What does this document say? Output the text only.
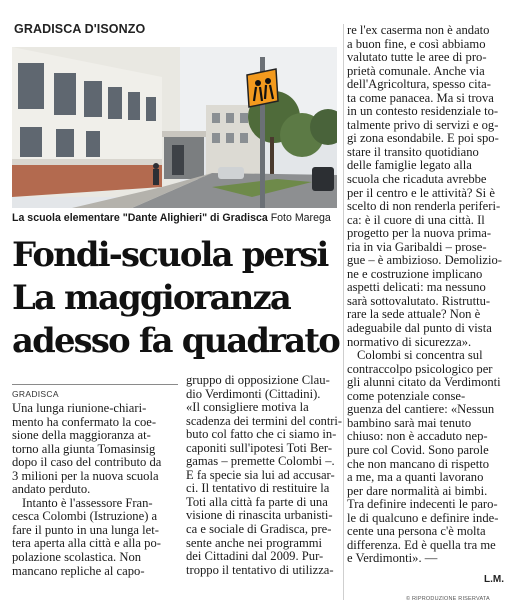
GRADISCA D'ISONZO
La scuola elementare "Dante Alighieri" di Gradisca Foto Marega
Fondi-scuola persi
La maggioranza
adesso fa quadrato
GRADISCA
Una lunga riunione-chiari-
mento ha confermato la coe-
sione della maggioranza at-
torno alla giunta Tomasinsig
dopo il caso del contributo da
3 milioni per la nuova scuola
andato perduto.
Intanto è l'assessore Fran-
cesca Colombi (Istruzione) a
fare il punto in una lunga let-
tera aperta alla città e alla po-
polazione scolastica. Non
mancano repliche al capo-
gruppo di opposizione Clau-
dio Verdimonti (Cittadini).
«Il consigliere motiva la
scadenza dei termini del contri-
buto col fatto che ci siamo in-
caponiti sull'ipotesi Toti Ber-
gamas – premette Colombi –.
E fa specie sia lui ad accusar-
ci. Il tentativo di restituire la
Toti alla città fa parte di una
visione di rinascita urbanisti-
ca e sociale di Gradisca, pre-
sente anche nei programmi
dei Cittadini dal 2009. Pur-
troppo il tentativo di utilizza-
re l'ex caserma non è andato
a buon fine, e così abbiamo
valutato tutte le aree di pro-
prietà comunale. Anche via
dell'Agricoltura, spesso cita-
ta come panacea. Ma si trova
in un contesto residenziale to-
talmente privo di servizi e og-
gi zona esondabile. E poi spo-
stare il transito quotidiano
delle famiglie legato alla
scuola che ricaduta avrebbe
per il centro e le attività? Si è
scelto di non renderla periferi-
ca: è il cuore di una città. Il
progetto per la nuova prima-
ria in via Garibaldi – prose-
gue – è ambizioso. Demolizio-
ne e costruzione implicano
aspetti delicati: ma nessuno
sarà sottovalutato. Ristruttu-
rare la sede attuale? Non è
adeguabile dal punto di vista
normativo di sicurezza».
Colombi si concentra sul
contraccolpo psicologico per
gli alunni citato da Verdimonti
come potenziale conse-
guenza del cantiere: «Nessun
bambino sarà mai tenuto
chiuso: non è accaduto nep-
pure col Covid. Sono parole
che non mancano di rispetto
a me, ma a quanti lavorano
per dare normalità ai bimbi.
Tra definire indecenti le paro-
le di qualcuno e definire inde-
cente una persona c'è molta
differenza. Ed è quella tra me
e Verdimonti». —
L.M.
© RIPRODUZIONE RISERVATA
